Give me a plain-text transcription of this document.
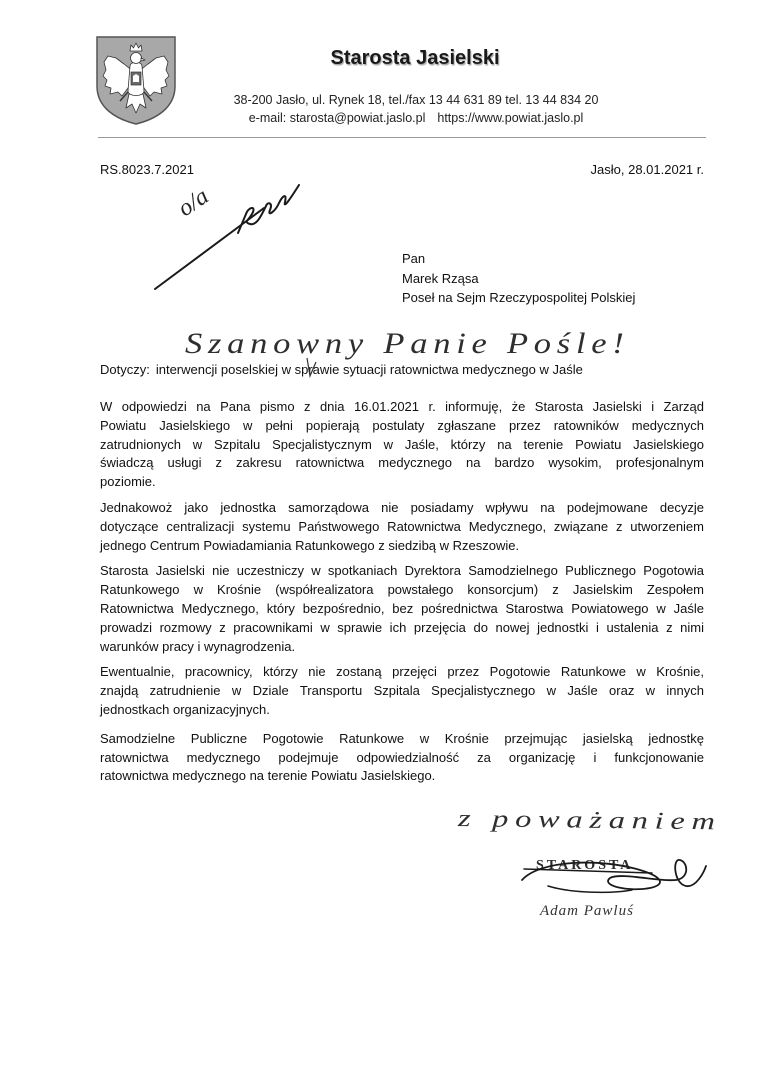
Starosta Jasielski
38-200 Jasło, ul. Rynek 18, tel./fax 13 44 631 89 tel. 13 44 834 20
e-mail: starosta@powiat.jaslo.pl https://www.powiat.jaslo.pl
RS.8023.7.2021	Jasło, 28.01.2021 r.
o/a
Pan
Marek Rząsa
Poseł na Sejm Rzeczypospolitej Polskiej
Szanowny Panie Pośle!
Dotyczy: interwencji poselskiej w sprawie sytuacji ratownictwa medycznego w Jaśle
W odpowiedzi na Pana pismo z dnia 16.01.2021 r. informuję, że Starosta Jasielski i Zarząd
Powiatu Jasielskiego w pełni popierają postulaty zgłaszane przez ratowników medycznych
zatrudnionych w Szpitalu Specjalistycznym w Jaśle, którzy na terenie Powiatu Jasielskiego
świadczą usługi z zakresu ratownictwa medycznego na bardzo wysokim, profesjonalnym
poziomie.
Jednakowoż jako jednostka samorządowa nie posiadamy wpływu na podejmowane decyzje
dotyczące centralizacji systemu Państwowego Ratownictwa Medycznego, związane z utworzeniem
jednego Centrum Powiadamiania Ratunkowego z siedzibą w Rzeszowie.
Starosta Jasielski nie uczestniczy w spotkaniach Dyrektora Samodzielnego Publicznego Pogotowia
Ratunkowego w Krośnie (współrealizatora powstałego konsorcjum) z Jasielskim Zespołem
Ratownictwa Medycznego, który bezpośrednio, bez pośrednictwa Starostwa Powiatowego w Jaśle
prowadzi rozmowy z pracownikami w sprawie ich przejęcia do nowej jednostki i ustalenia z nimi
warunków pracy i wynagrodzenia.
Ewentualnie, pracownicy, którzy nie zostaną przejęci przez Pogotowie Ratunkowe w Krośnie,
znajdą zatrudnienie w Dziale Transportu Szpitala Specjalistycznego w Jaśle oraz w innych
jednostkach organizacyjnych.
Samodzielne Publiczne Pogotowie Ratunkowe w Krośnie przejmując jasielską jednostkę
ratownictwa medycznego podejmuje odpowiedzialność za organizację i funkcjonowanie
ratownictwa medycznego na terenie Powiatu Jasielskiego.
z poważaniem
STAROSTA
Adam Pawluś
